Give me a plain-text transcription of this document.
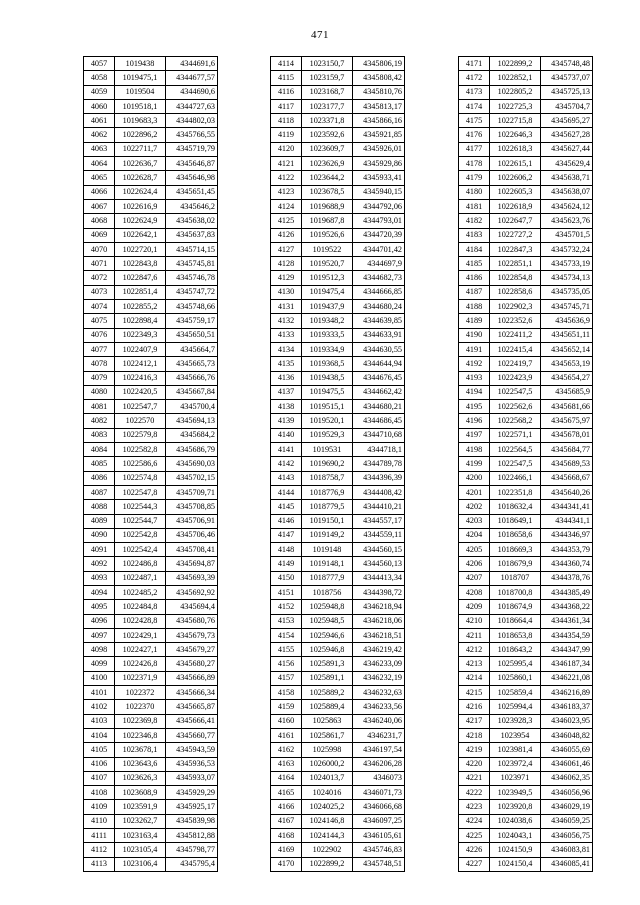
471
4057	1019438	4344691,6
4058	1019475,1	4344677,57
4059	1019504	4344690,6
4060	1019518,1	4344727,63
4061	1019683,3	4344802,03
4062	1022896,2	4345766,55
4063	1022711,7	4345719,79
4064	1022636,7	4345646,87
4065	1022628,7	4345646,98
4066	1022624,4	4345651,45
4067	1022616,9	4345646,2
4068	1022624,9	4345638,02
4069	1022642,1	4345637,83
4070	1022720,1	4345714,15
4071	1022843,8	4345745,81
4072	1022847,6	4345746,78
4073	1022851,4	4345747,72
4074	1022855,2	4345748,66
4075	1022898,4	4345759,17
4076	1022349,3	4345650,51
4077	1022407,9	4345664,7
4078	1022412,1	4345665,73
4079	1022416,3	4345666,76
4080	1022420,5	4345667,84
4081	1022547,7	4345700,4
4082	1022570	4345694,13
4083	1022579,8	4345684,2
4084	1022582,8	4345686,79
4085	1022586,6	4345690,03
4086	1022574,8	4345702,15
4087	1022547,8	4345709,71
4088	1022544,3	4345708,85
4089	1022544,7	4345706,91
4090	1022542,8	4345706,46
4091	1022542,4	4345708,41
4092	1022486,8	4345694,87
4093	1022487,1	4345693,39
4094	1022485,2	4345692,92
4095	1022484,8	4345694,4
4096	1022428,8	4345680,76
4097	1022429,1	4345679,73
4098	1022427,1	4345679,27
4099	1022426,8	4345680,27
4100	1022371,9	4345666,89
4101	1022372	4345666,34
4102	1022370	4345665,87
4103	1022369,8	4345666,41
4104	1022346,8	4345660,77
4105	1023678,1	4345943,59
4106	1023643,6	4345936,53
4107	1023626,3	4345933,07
4108	1023608,9	4345929,29
4109	1023591,9	4345925,17
4110	1023262,7	4345839,98
4111	1023163,4	4345812,88
4112	1023105,4	4345798,77
4113	1023106,4	4345795,4
4114	1023150,7	4345806,19
4115	1023159,7	4345808,42
4116	1023168,7	4345810,76
4117	1023177,7	4345813,17
4118	1023371,8	4345866,16
4119	1023592,6	4345921,85
4120	1023609,7	4345926,01
4121	1023626,9	4345929,86
4122	1023644,2	4345933,41
4123	1023678,5	4345940,15
4124	1019688,9	4344792,06
4125	1019687,8	4344793,01
4126	1019526,6	4344720,39
4127	1019522	4344701,42
4128	1019520,7	4344697,9
4129	1019512,3	4344682,73
4130	1019475,4	4344666,85
4131	1019437,9	4344680,24
4132	1019348,2	4344639,85
4133	1019333,5	4344633,91
4134	1019334,9	4344630,55
4135	1019368,5	4344644,94
4136	1019438,5	4344676,45
4137	1019475,5	4344662,42
4138	1019515,1	4344680,21
4139	1019520,1	4344686,45
4140	1019529,3	4344710,68
4141	1019531	4344718,1
4142	1019690,2	4344789,78
4143	1018758,7	4344396,39
4144	1018776,9	4344408,42
4145	1018779,5	4344410,21
4146	1019150,1	4344557,17
4147	1019149,2	4344559,11
4148	1019148	4344560,15
4149	1019148,1	4344560,13
4150	1018777,9	4344413,34
4151	1018756	4344398,72
4152	1025948,8	4346218,94
4153	1025948,5	4346218,06
4154	1025946,6	4346218,51
4155	1025946,8	4346219,42
4156	1025891,3	4346233,09
4157	1025891,1	4346232,19
4158	1025889,2	4346232,63
4159	1025889,4	4346233,56
4160	1025863	4346240,06
4161	1025861,7	4346231,7
4162	1025998	4346197,54
4163	1026000,2	4346206,28
4164	1024013,7	4346073
4165	1024016	4346071,73
4166	1024025,2	4346066,68
4167	1024146,8	4346097,25
4168	1024144,3	4346105,61
4169	1022902	4345746,83
4170	1022899,2	4345748,51
4171	1022899,2	4345748,48
4172	1022852,1	4345737,07
4173	1022805,2	4345725,13
4174	1022725,3	4345704,7
4175	1022715,8	4345695,27
4176	1022646,3	4345627,28
4177	1022618,3	4345627,44
4178	1022615,1	4345629,4
4179	1022606,2	4345638,71
4180	1022605,3	4345638,07
4181	1022618,9	4345624,12
4182	1022647,7	4345623,76
4183	1022727,2	4345701,5
4184	1022847,3	4345732,24
4185	1022851,1	4345733,19
4186	1022854,8	4345734,13
4187	1022858,6	4345735,05
4188	1022902,3	4345745,71
4189	1022352,6	4345636,9
4190	1022411,2	4345651,11
4191	1022415,4	4345652,14
4192	1022419,7	4345653,19
4193	1022423,9	4345654,27
4194	1022547,5	4345685,9
4195	1022562,6	4345681,66
4196	1022568,2	4345675,97
4197	1022571,1	4345678,01
4198	1022564,5	4345684,77
4199	1022547,5	4345689,53
4200	1022466,1	4345668,67
4201	1022351,8	4345640,26
4202	1018632,4	4344341,41
4203	1018649,1	4344341,1
4204	1018658,6	4344346,97
4205	1018669,3	4344353,79
4206	1018679,9	4344360,74
4207	1018707	4344378,76
4208	1018700,8	4344385,49
4209	1018674,9	4344368,22
4210	1018664,4	4344361,34
4211	1018653,8	4344354,59
4212	1018643,2	4344347,99
4213	1025995,4	4346187,34
4214	1025860,1	4346221,08
4215	1025859,4	4346216,89
4216	1025994,4	4346183,37
4217	1023928,3	4346023,95
4218	1023954	4346048,82
4219	1023981,4	4346055,69
4220	1023972,4	4346061,46
4221	1023971	4346062,35
4222	1023949,5	4346056,96
4223	1023920,8	4346029,19
4224	1024038,6	4346059,25
4225	1024043,1	4346056,75
4226	1024150,9	4346083,81
4227	1024150,4	4346085,41
